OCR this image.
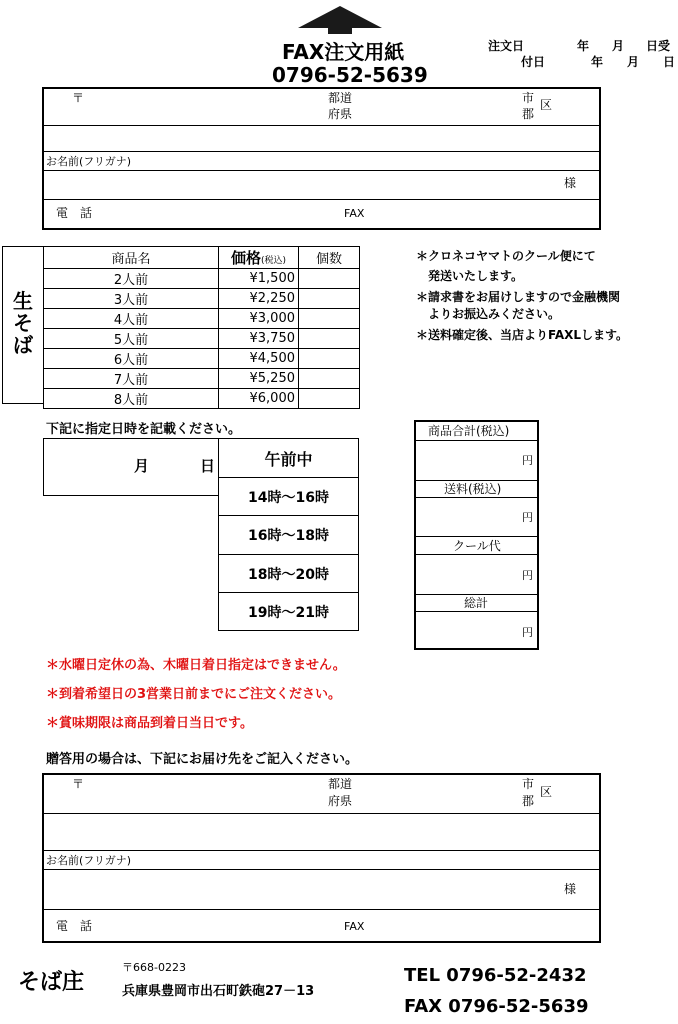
FAX注文用紙
0796-52-5639
注文日
付日
年 月 日受
年 月 日
〒	都道
府県
市
郡
区
お名前(フリガナ)
様
電　話	FAX
生
そ
ば
商品名	価格(税込)	個数
2人前	¥1,500	
3人前	¥2,250	
4人前	¥3,000	
5人前	¥3,750	
6人前	¥4,500	
7人前	¥5,250	
8人前	¥6,000	
＊クロネコヤマトのクール便にて
　発送いたします。
＊請求書をお届けしますので金融機関
　よりお振込みください。
＊送料確定後、当店よりFAXLします。
下記に指定日時を記載ください。
月	日	午前中
14時～16時
16時～18時
18時～20時
19時～21時
商品合計(税込)
円
送料(税込)
円
クール代
円
総計
円
＊水曜日定休の為、木曜日着日指定はできません。
＊到着希望日の3営業日前までにご注文ください。
＊賞味期限は商品到着日当日です。
贈答用の場合は、下記にお届け先をご記入ください。
〒	都道
府県
市
郡
区
お名前(フリガナ)
様
電　話	FAX
そば庄
〒668-0223
兵庫県豊岡市出石町鉄砲27－13
TEL 0796-52-2432
FAX 0796-52-5639
